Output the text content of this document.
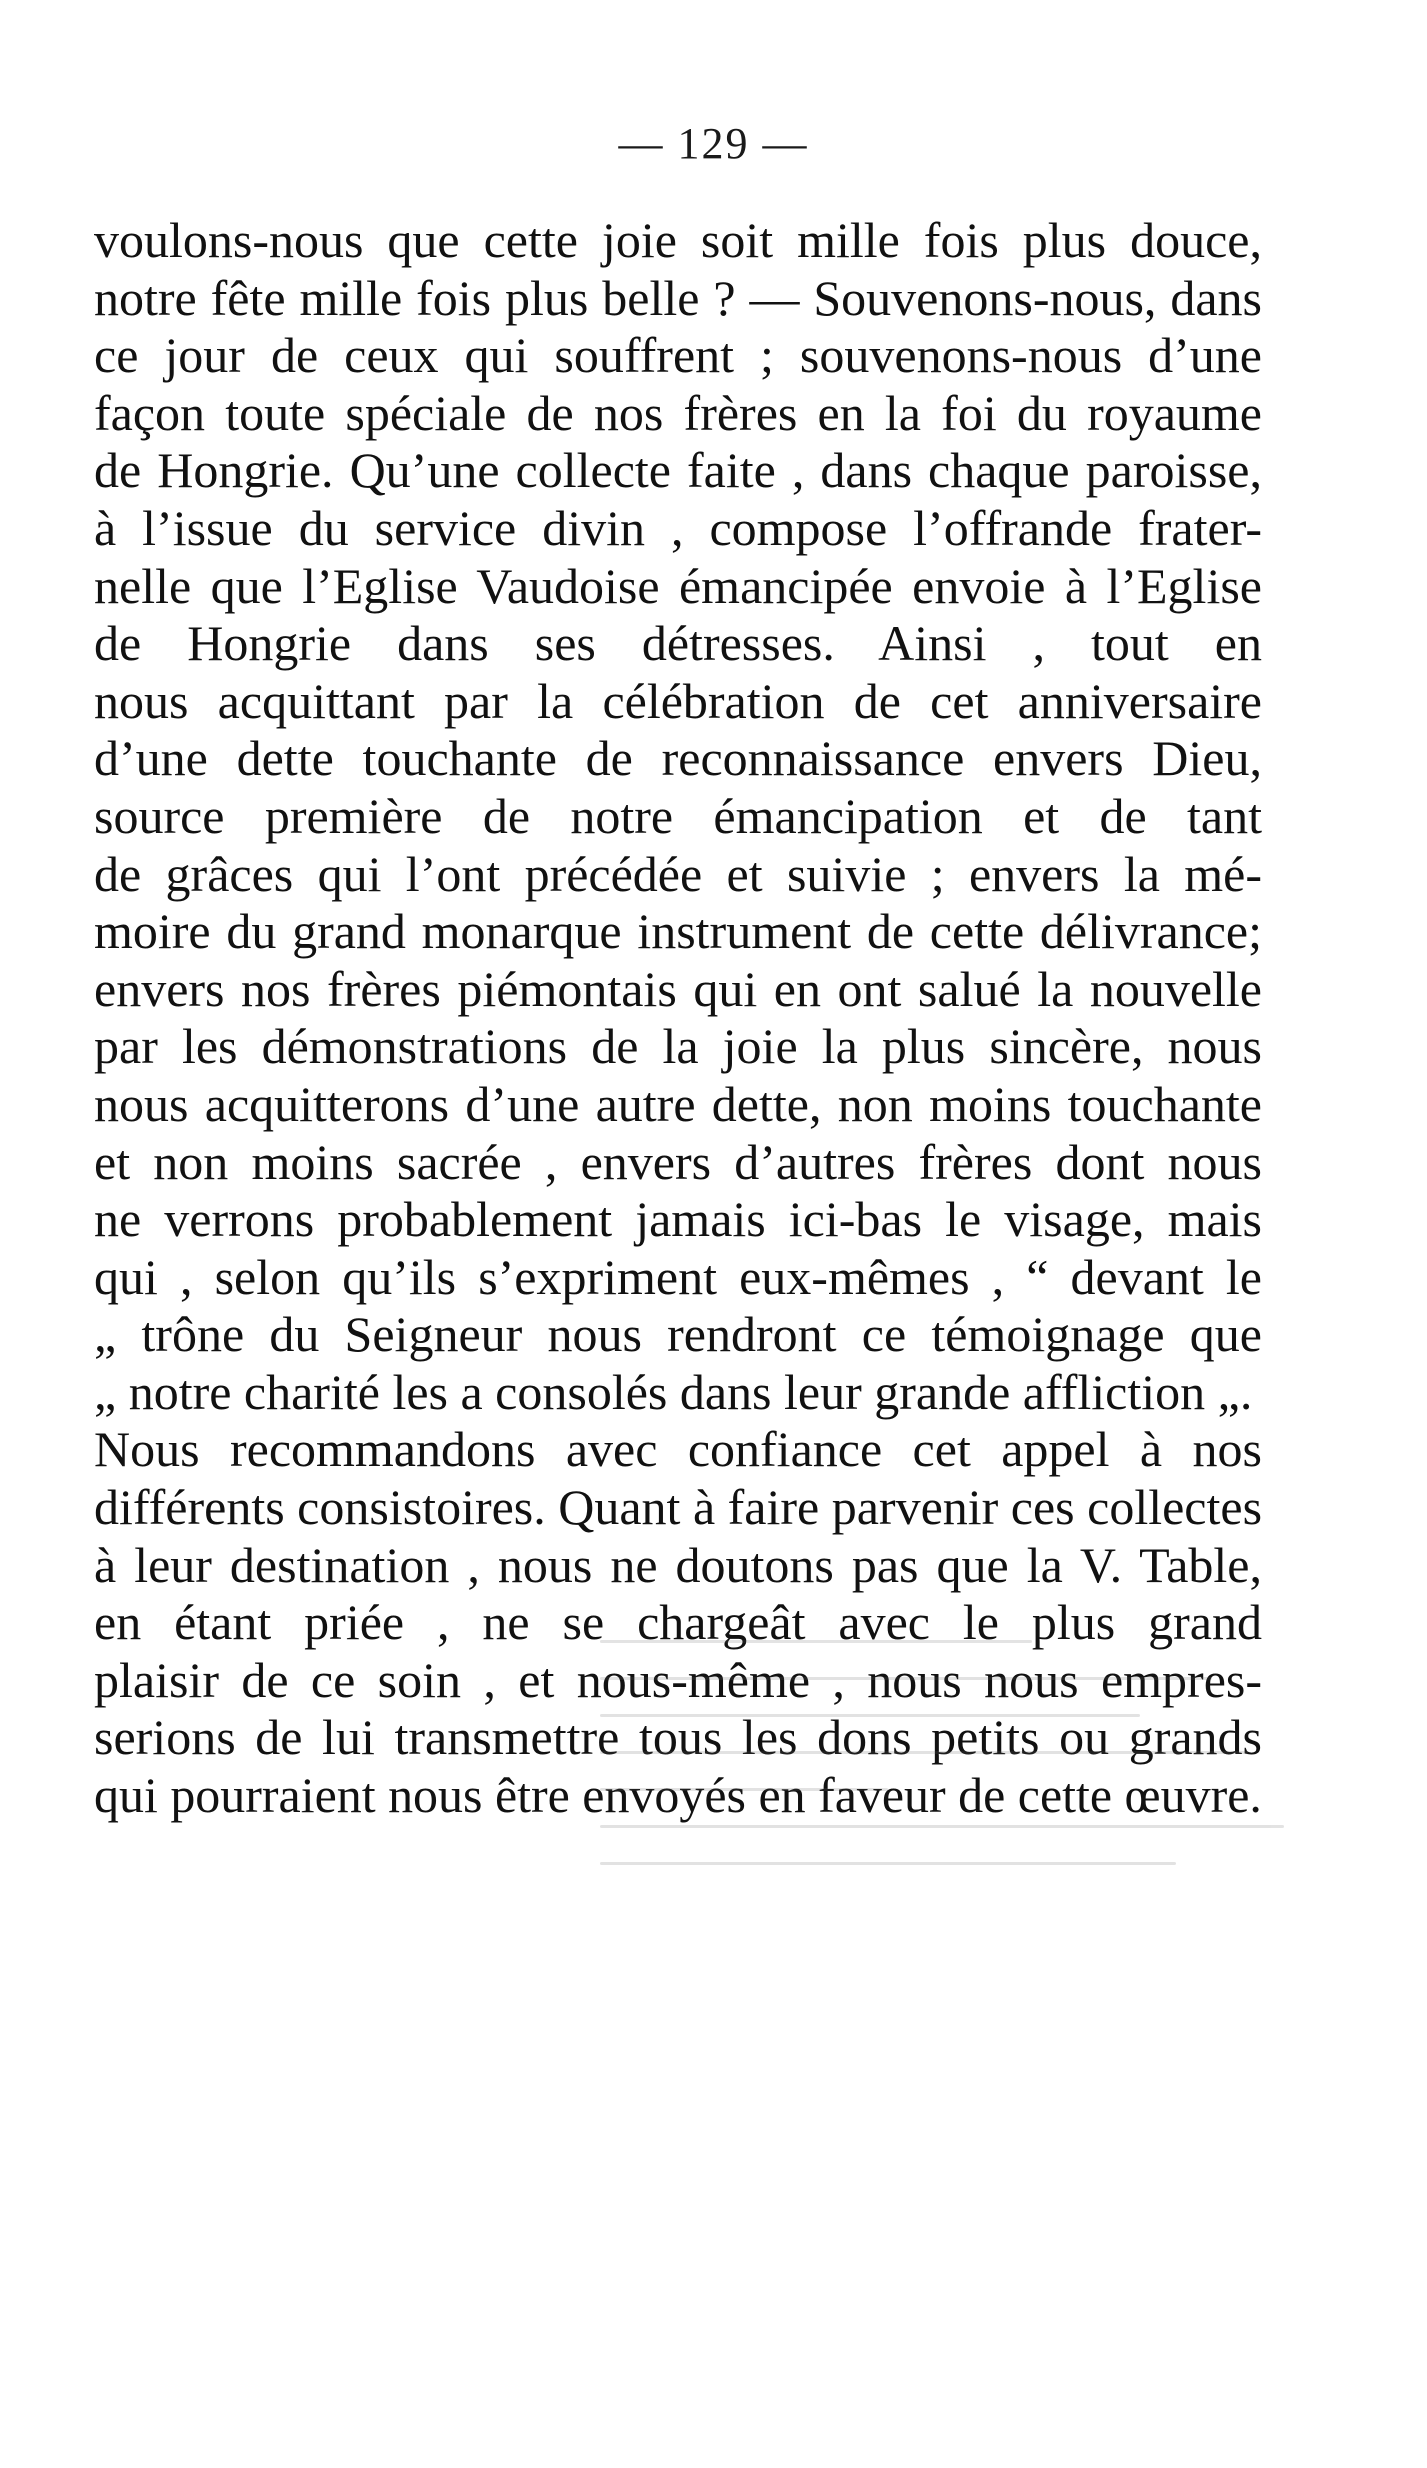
— 129 —
voulons-nous que cette joie soit mille fois plus douce,
notre fête mille fois plus belle ? — Souvenons-nous, dans
ce jour de ceux qui souffrent ; souvenons-nous d’une
façon toute spéciale de nos frères en la foi du royaume
de Hongrie. Qu’une collecte faite , dans chaque paroisse,
à l’issue du service divin , compose l’offrande frater-
nelle que l’Eglise Vaudoise émancipée envoie à l’Eglise
de Hongrie dans ses détresses. Ainsi , tout en
nous acquittant par la célébration de cet anniversaire
d’une dette touchante de reconnaissance envers Dieu,
source première de notre émancipation et de tant
de grâces qui l’ont précédée et suivie ; envers la mé-
moire du grand monarque instrument de cette délivrance;
envers nos frères piémontais qui en ont salué la nouvelle
par les démonstrations de la joie la plus sincère, nous
nous acquitterons d’une autre dette, non moins touchante
et non moins sacrée , envers d’autres frères dont nous
ne verrons probablement jamais ici-bas le visage, mais
qui , selon qu’ils s’expriment eux-mêmes , “ devant le
„ trône du Seigneur nous rendront ce témoignage que
„ notre charité les a consolés dans leur grande affliction „.
Nous recommandons avec confiance cet appel à nos
différents consistoires. Quant à faire parvenir ces collectes
à leur destination , nous ne doutons pas que la V. Table,
en étant priée , ne se chargeât avec le plus grand
plaisir de ce soin , et nous-même , nous nous empres-
serions de lui transmettre tous les dons petits ou grands
qui pourraient nous être envoyés en faveur de cette œuvre.
